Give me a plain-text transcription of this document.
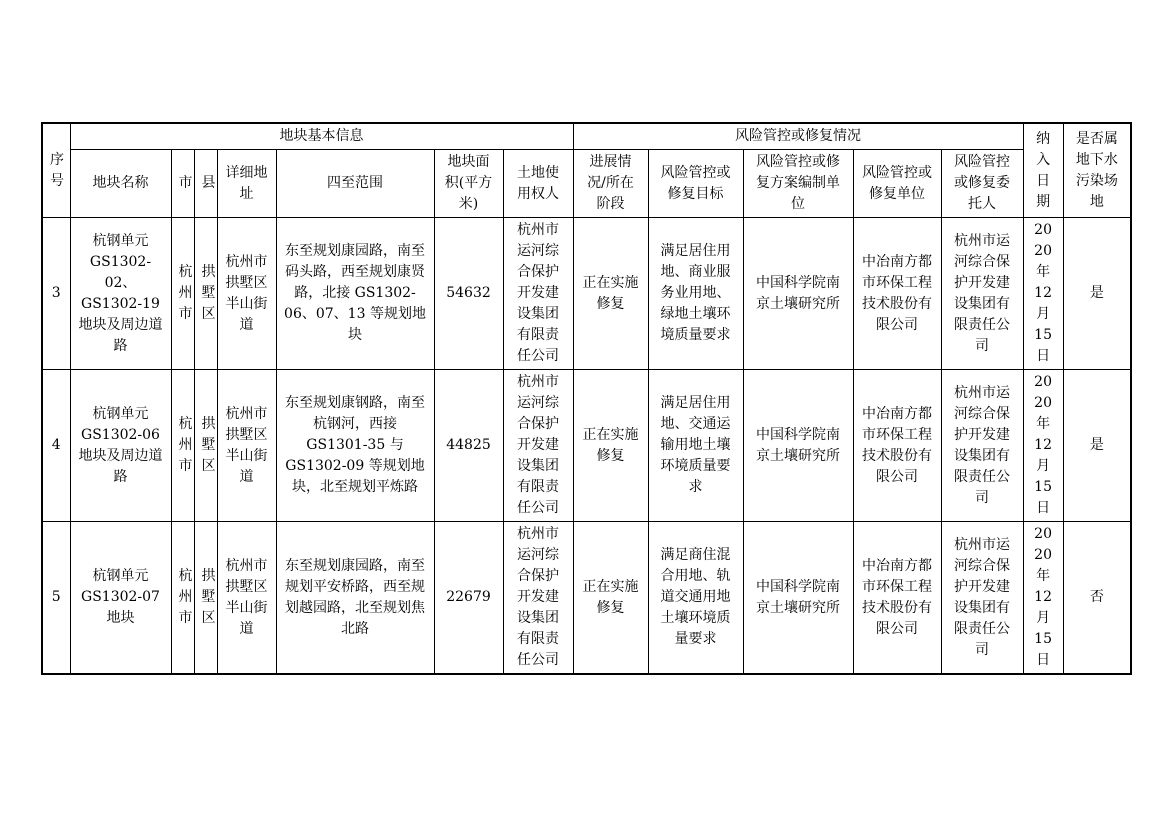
序号	地块基本信息							风险管控或修复情况					纳入日期	是否属地下水污染场地
	地块名称	市	县	详细地址	四至范围	地块面积(平方米)	土地使用权人	进展情况/所在阶段	风险管控或修复目标	风险管控或修复方案编制单位	风险管控或修复单位	风险管控或修复委托人		
3	杭钢单元GS1302-02、GS1302-19地块及周边道路	杭州市	拱墅区	杭州市拱墅区半山街道	东至规划康园路，南至码头路，西至规划康贤路，北接 GS1302-06、07、13 等规划地块	54632	杭州市运河综合保护开发建设集团有限责任公司	正在实施修复	满足居住用地、商业服务业用地、绿地土壤环境质量要求	中国科学院南京土壤研究所	中冶南方都市环保工程技术股份有限公司	杭州市运河综合保护开发建设集团有限责任公司	2020年12月15日	是
4	杭钢单元GS1302-06地块及周边道路	杭州市	拱墅区	杭州市拱墅区半山街道	东至规划康钢路，南至杭钢河，西接 GS1301-35 与 GS1302-09 等规划地块，北至规划平炼路	44825	杭州市运河综合保护开发建设集团有限责任公司	正在实施修复	满足居住用地、交通运输用地土壤环境质量要求	中国科学院南京土壤研究所	中冶南方都市环保工程技术股份有限公司	杭州市运河综合保护开发建设集团有限责任公司	2020年12月15日	是
5	杭钢单元GS1302-07地块	杭州市	拱墅区	杭州市拱墅区半山街道	东至规划康园路，南至规划平安桥路，西至规划越园路，北至规划焦北路	22679	杭州市运河综合保护开发建设集团有限责任公司	正在实施修复	满足商住混合用地、轨道交通用地土壤环境质量要求	中国科学院南京土壤研究所	中冶南方都市环保工程技术股份有限公司	杭州市运河综合保护开发建设集团有限责任公司	2020年12月15日	否
